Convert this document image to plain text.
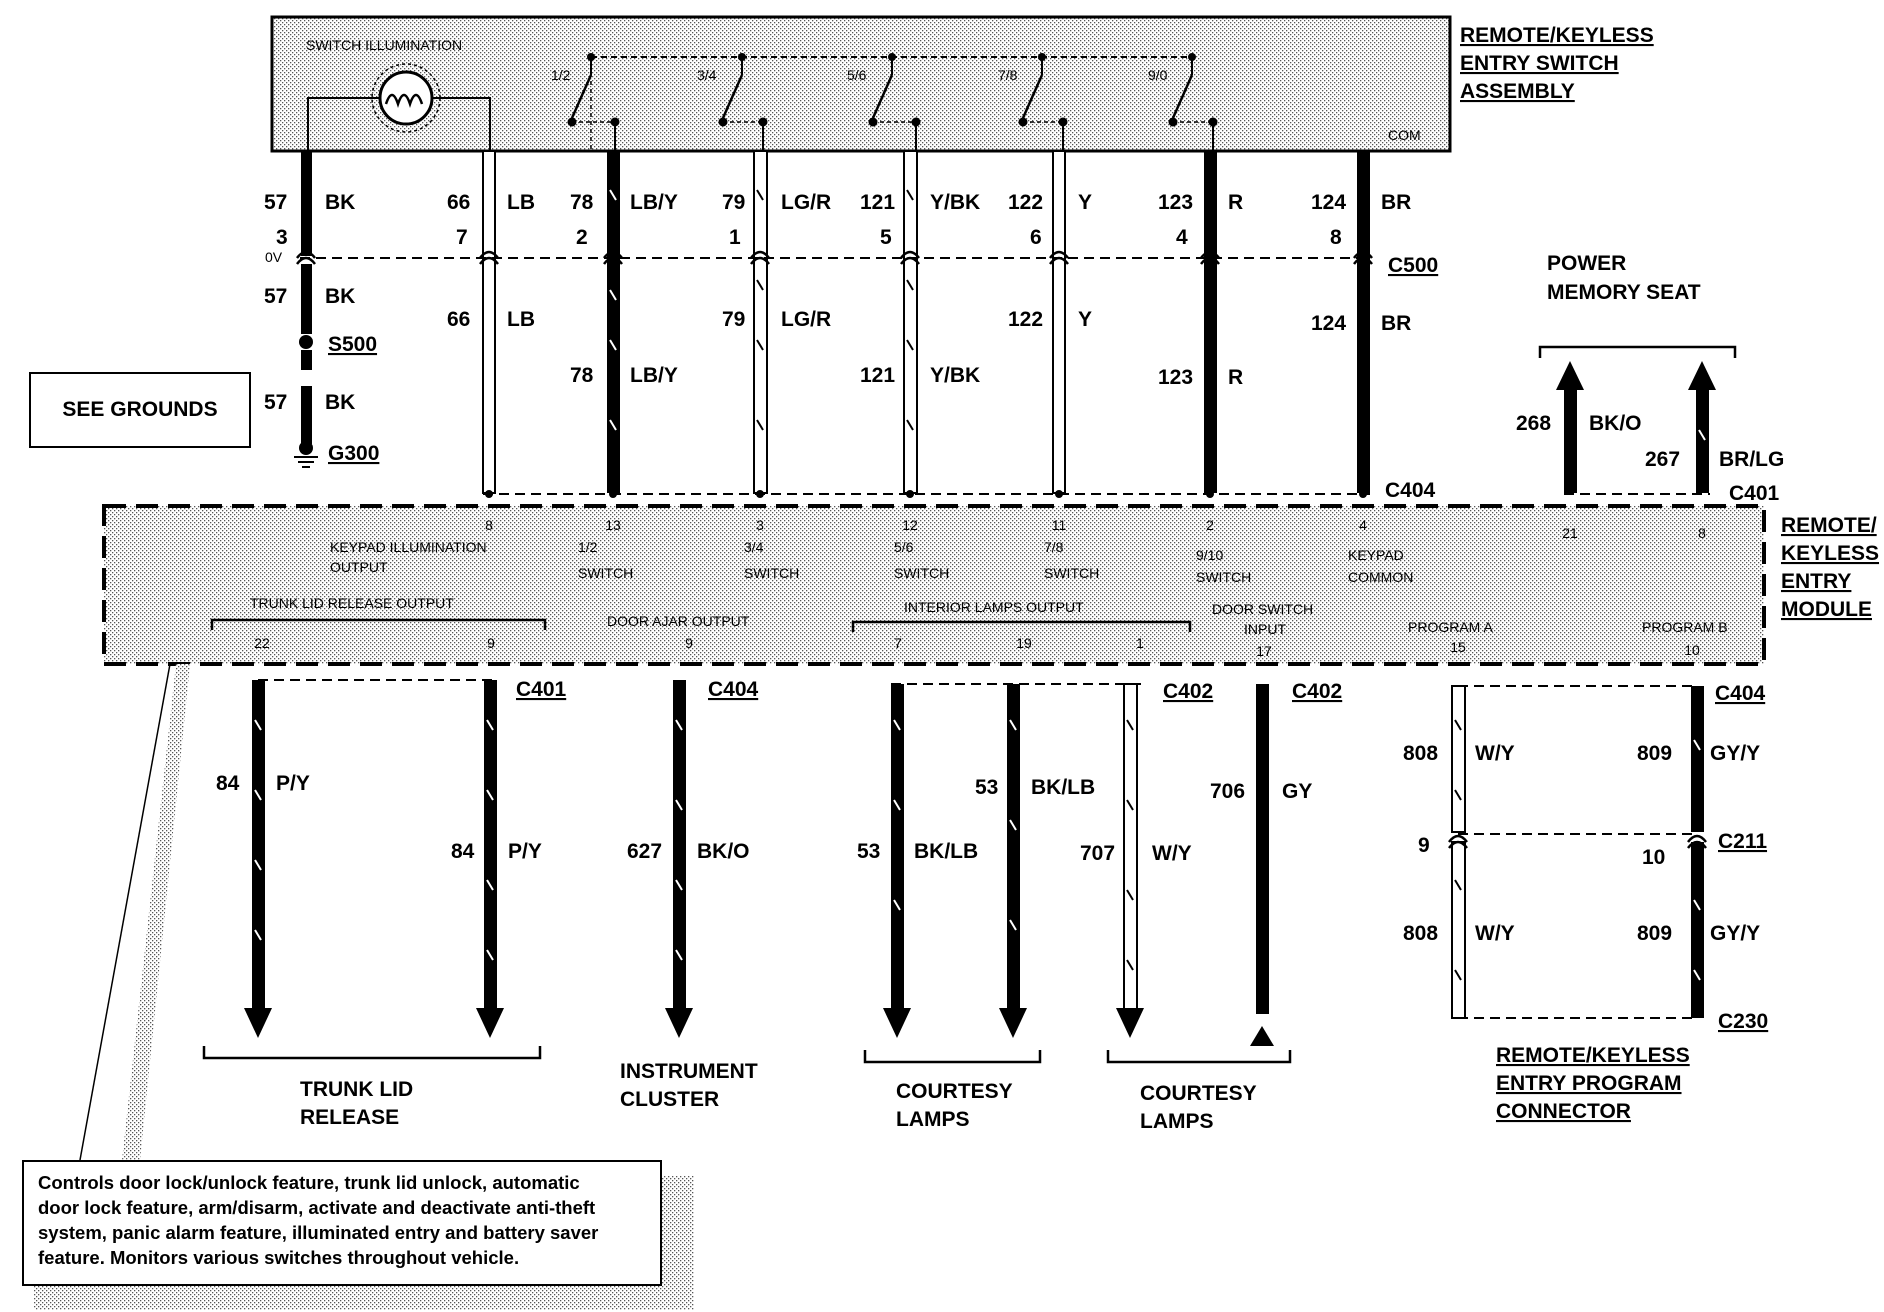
SWITCH ILLUMINATION
COM
1/2	3/4	5/6	7/8	9/0
REMOTE/KEYLESS
ENTRY SWITCH
ASSEMBLY
57 BK
3
0V
57 BK
S500
57 BK
G300
66 LB
7
66 LB
78 LB/Y
2
78 LB/Y
79 LG/R
1
79 LG/R
121 Y/BK
5
121 Y/BK
122 Y
6
122 Y
123 R
4
123 R
124 BR
8
124 BR
C500
C404
POWER
MEMORY SEAT
268 BK/O
267 BR/LG
C401
8	13	3	12	11	2	4	21	8
KEYPAD ILLUMINATION
OUTPUT
1/2
SWITCH
3/4
SWITCH
5/6
SWITCH
7/8
SWITCH
9/10
SWITCH
KEYPAD
COMMON
TRUNK LID RELEASE OUTPUT
DOOR AJAR OUTPUT
INTERIOR LAMPS OUTPUT	DOOR SWITCH
INPUT	PROGRAM A	PROGRAM B
22	9	9	7	19	1	17	15	10
REMOTE/
KEYLESS
ENTRY
MODULE
C401	C404	C402	C402	C404
C211
C230
84 P/Y
84 P/Y	627 BK/O
53 BK/LB
53 BK/LB	707 W/Y
706 GY
808 W/Y
9
808 W/Y
809 GY/Y
10
809 GY/Y
TRUNK LID
RELEASE
INSTRUMENT
CLUSTER	COURTESY
LAMPS
COURTESY
LAMPS
REMOTE/KEYLESS
ENTRY PROGRAM
CONNECTOR
SEE GROUNDS
Controls door lock/unlock feature, trunk lid unlock, automatic
door lock feature, arm/disarm, activate and deactivate anti-theft
system, panic alarm feature, illuminated entry and battery saver
feature. Monitors various switches throughout vehicle.
